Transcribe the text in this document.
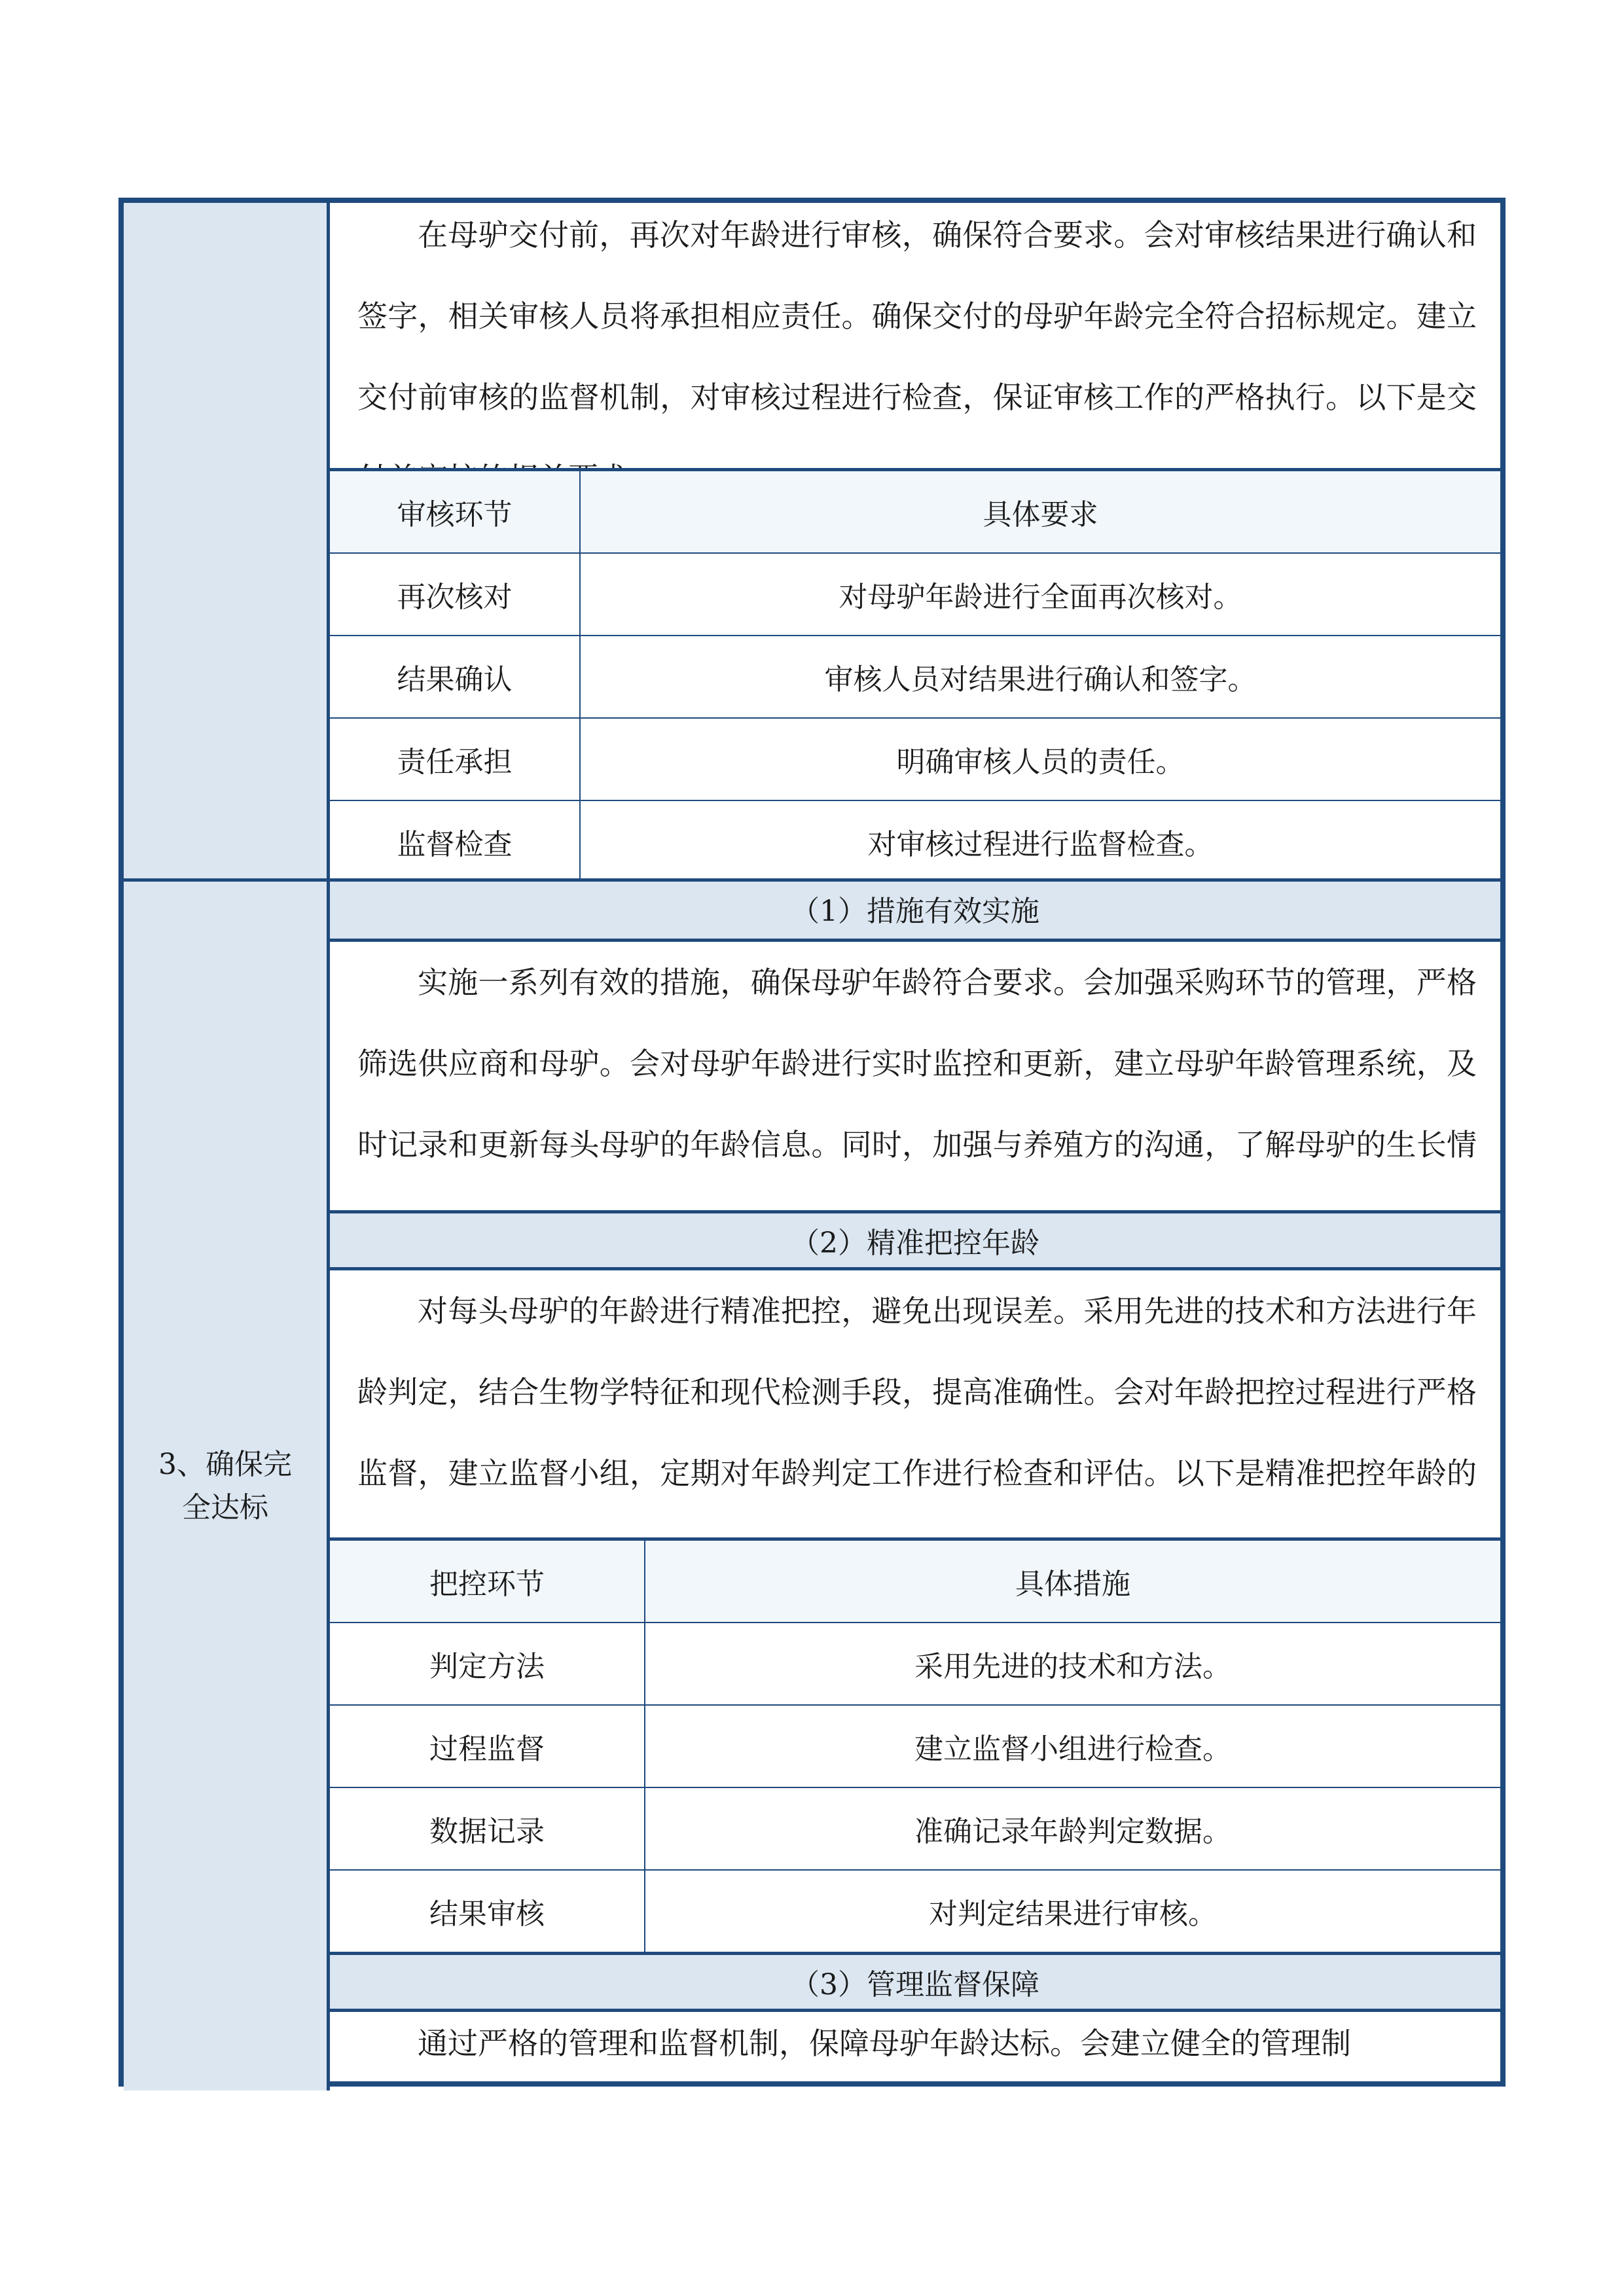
在母驴交付前，再次对年龄进行审核，确保符合要求。会对审核结果进行确认和签字，相关审核人员将承担相应责任。确保交付的母驴年龄完全符合招标规定。建立交付前审核的监督机制，对审核过程进行检查，保证审核工作的严格执行。以下是交
审核环节	具体要求
再次核对	对母驴年龄进行全面再次核对。
结果确认	审核人员对结果进行确认和签字。
责任承担	明确审核人员的责任。
监督检查	对审核过程进行监督检查。
3、确保完
全达标
（1）措施有效实施
实施一系列有效的措施，确保母驴年龄符合要求。会加强采购环节的管理，严格筛选供应商和母驴。会对母驴年龄进行实时监控和更新，建立母驴年龄管理系统，及时记录和更新每头母驴的年龄信息。同时，加强与养殖方的沟通，了解母驴的生长情
（2）精准把控年龄
对每头母驴的年龄进行精准把控，避免出现误差。采用先进的技术和方法进行年龄判定，结合生物学特征和现代检测手段，提高准确性。会对年龄把控过程进行严格监督，建立监督小组，定期对年龄判定工作进行检查和评估。以下是精准把控年龄的
把控环节	具体措施
判定方法	采用先进的技术和方法。
过程监督	建立监督小组进行检查。
数据记录	准确记录年龄判定数据。
结果审核	对判定结果进行审核。
（3）管理监督保障
通过严格的管理和监督机制，保障母驴年龄达标。会建立健全的管理制
